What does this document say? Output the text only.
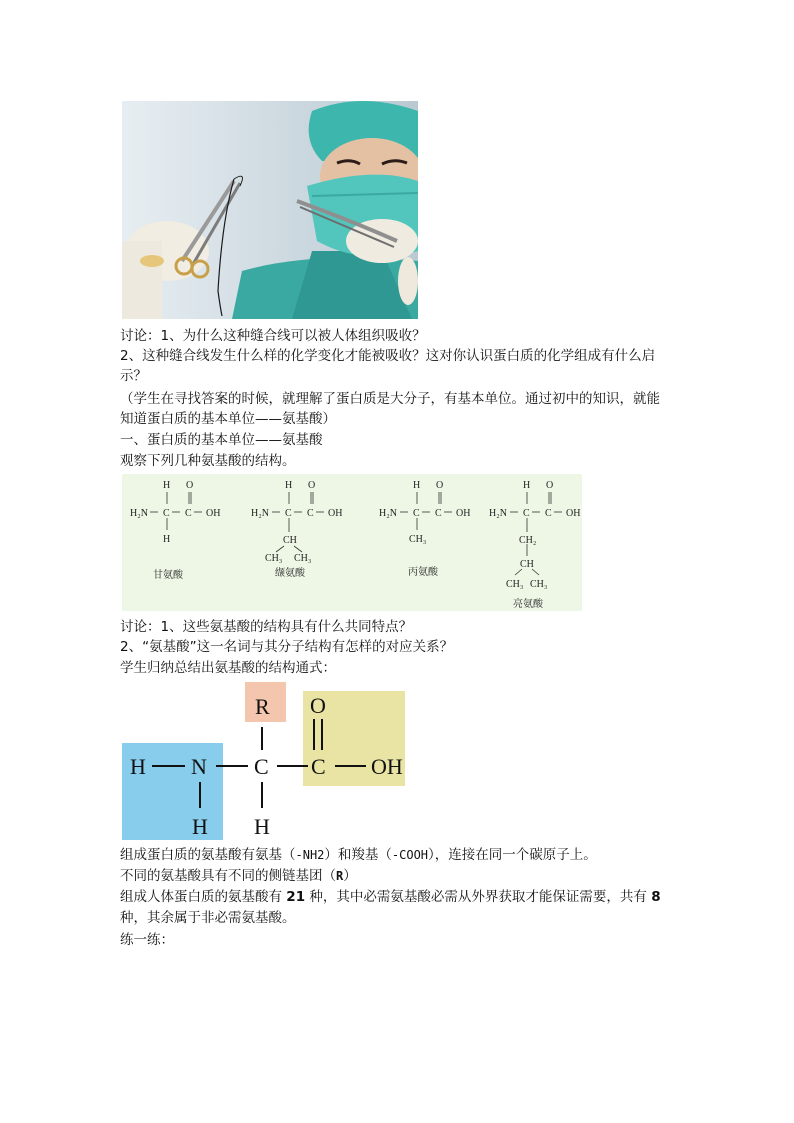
讨论：1、为什么这种缝合线可以被人体组织吸收？
2、这种缝合线发生什么样的化学变化才能被吸收？这对你认识蛋白质的化学组成有什么启
示？
（学生在寻找答案的时候，就理解了蛋白质是大分子，有基本单位。通过初中的知识，就能
知道蛋白质的基本单位——氨基酸）
一、蛋白质的基本单位——氨基酸
观察下列几种氨基酸的结构。
H O
H₂N C C OH
H
甘氨酸
H O
H₂N C C OH
CH
CH₃ CH₃
缬氨酸
H O
H₂N C C OH
CH₃
丙氨酸
H O
H₂N C C OH
CH₂
CH
CH₃ CH₃
亮氨酸
讨论：1、这些氨基酸的结构具有什么共同特点？
2、“氨基酸”这一名词与其分子结构有怎样的对应关系？
学生归纳总结出氨基酸的结构通式：
R O
H N C C OH
H H
组成蛋白质的氨基酸有氨基（-NH2）和羧基（-COOH），连接在同一个碳原子上。
不同的氨基酸具有不同的侧链基团（R）
组成人体蛋白质的氨基酸有 21 种，其中必需氨基酸必需从外界获取才能保证需要，共有 8
种，其余属于非必需氨基酸。
练一练：
